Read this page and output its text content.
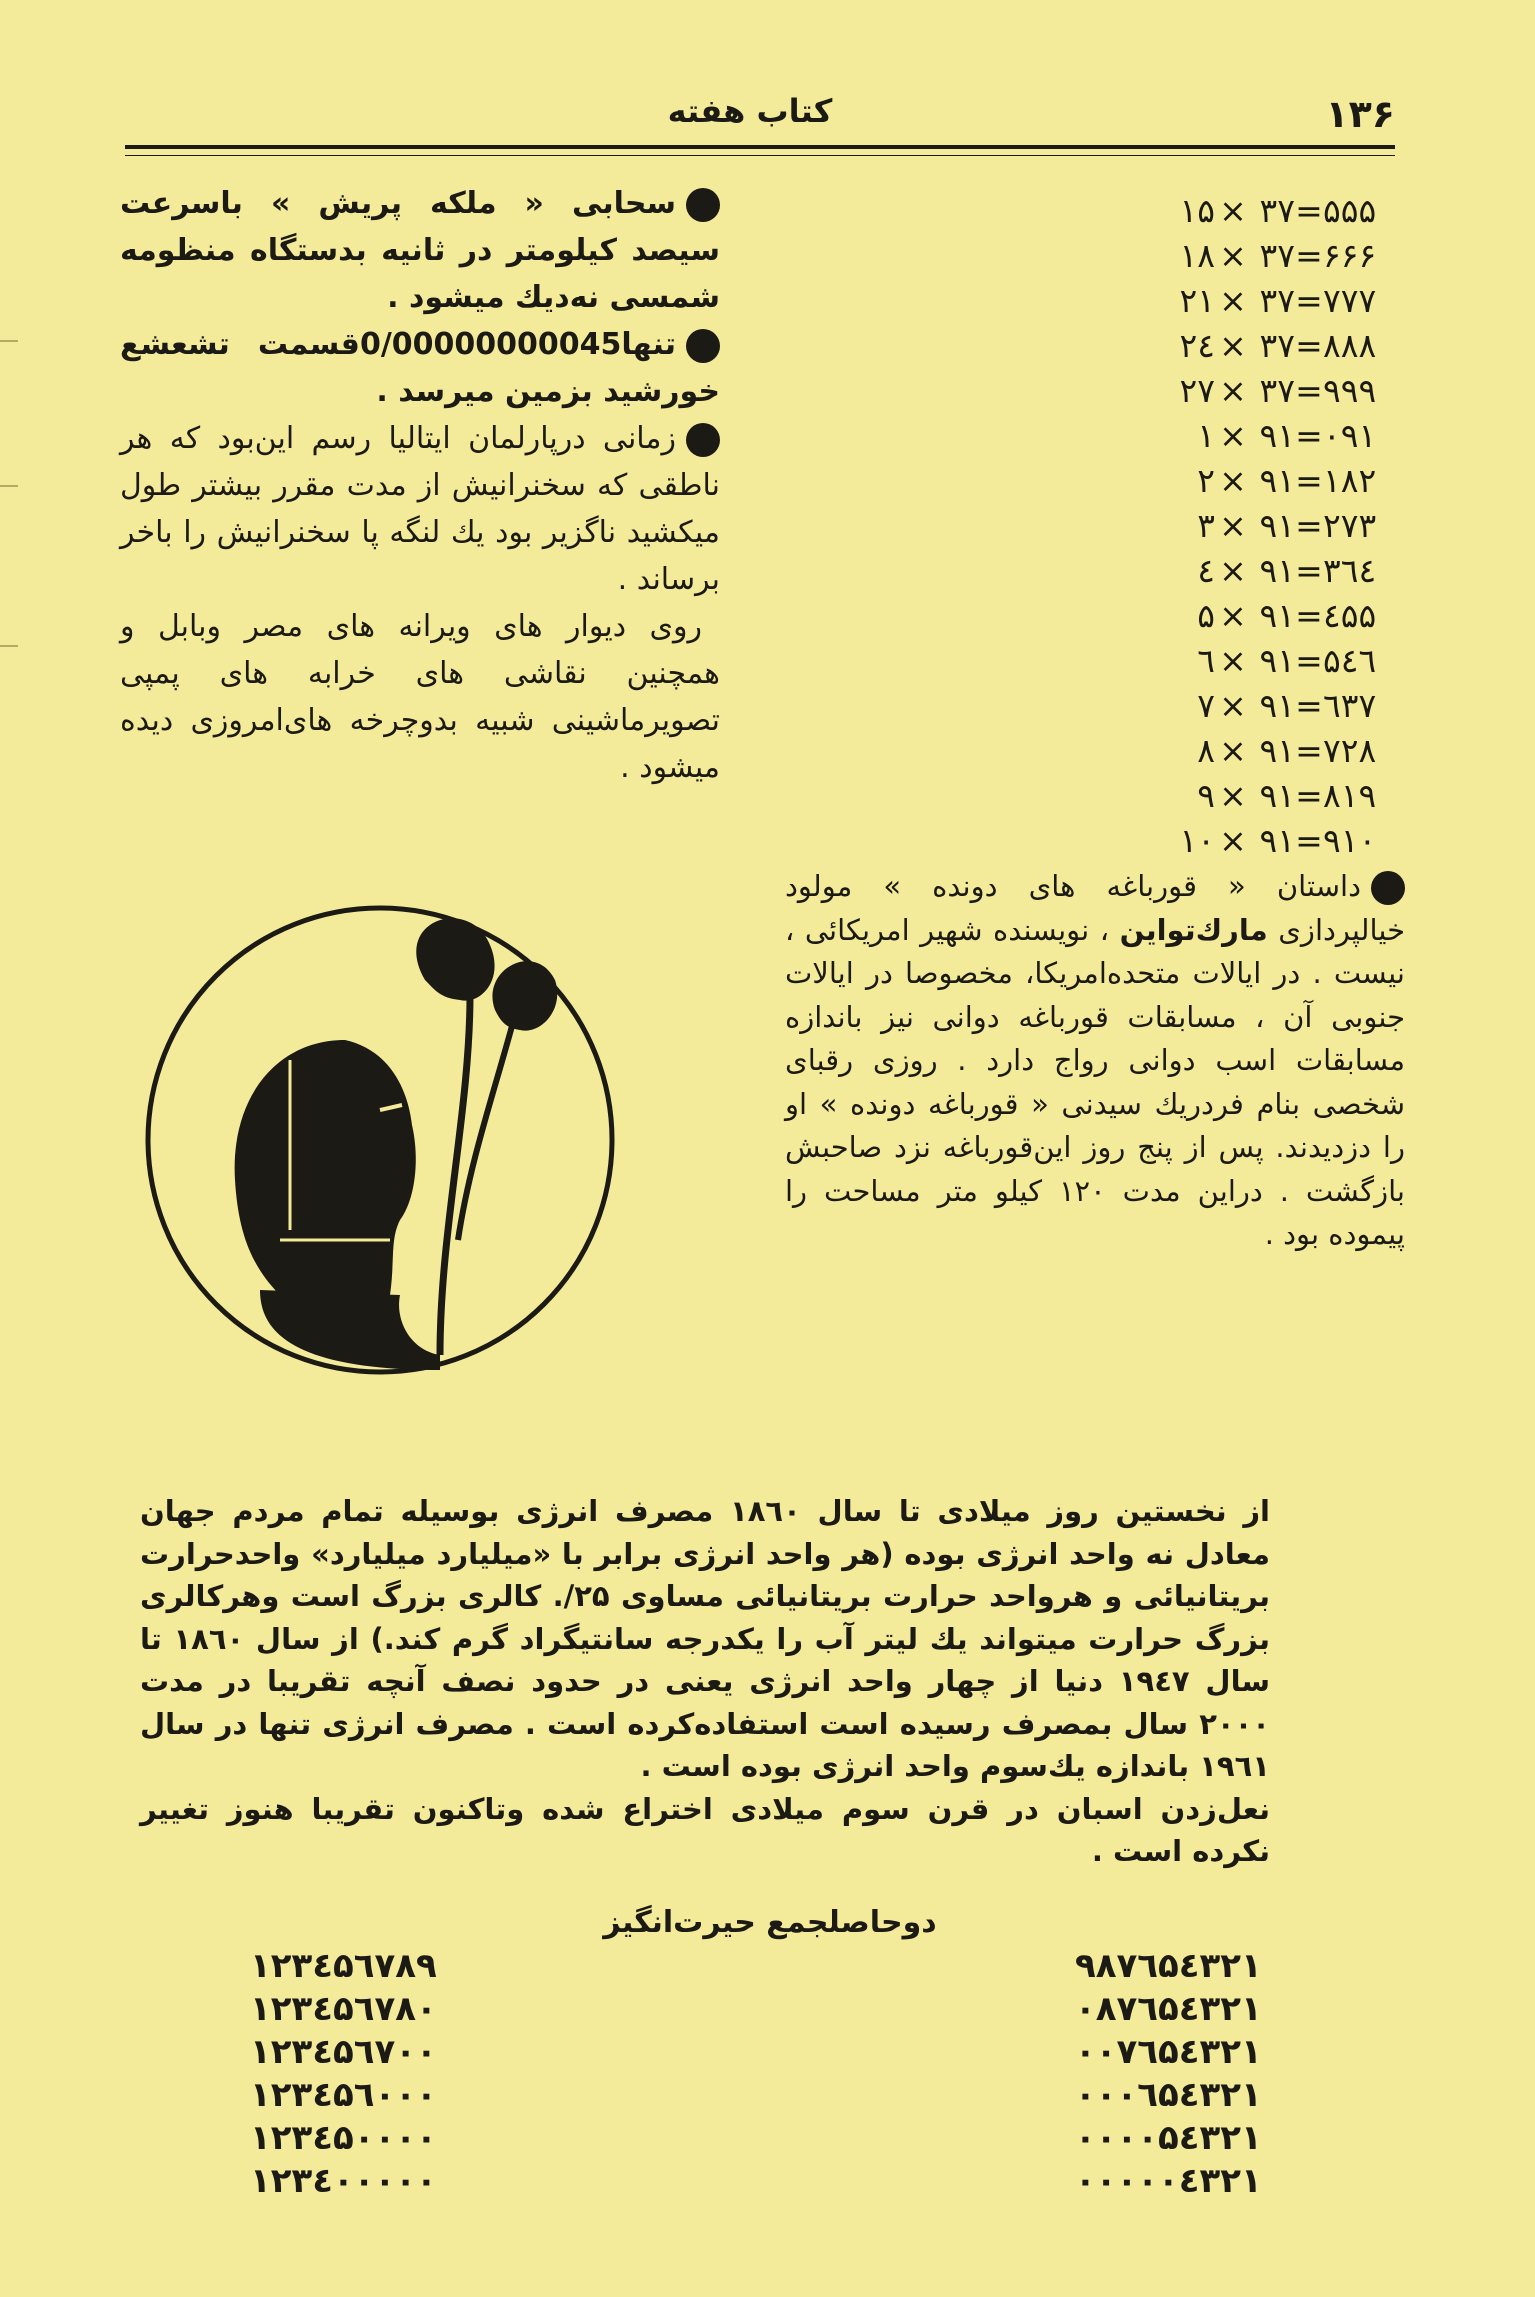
۱۳۶
کتاب هفته

سحابی « ملکه پریش » باسرعت سیصد کیلومتر در ثانیه بدستگاه منظومه شمسی نه‌دیك میشود .

تنها0/00000000045قسمت تشعشع خورشید بزمین میرسد .

زمانی درپارلمان ایتالیا رسم این‌بود که هر ناطقی که سخنرانیش از مدت مقرر بیشتر طول میکشید ناگزیر بود یك لنگه پا سخنرانیش را باخر برساند .

روی دیوار های ویرانه های مصر وبابل و همچنین نقاشی های خرابه های پمپی تصویرماشینی شبیه بدوچرخه های‌امروزی دیده میشود .

۱۵ × ۳۷ = ۵۵۵
۱۸ × ۳۷ = ۶۶۶
۲۱ × ۳۷ = ۷۷۷
۲٤ × ۳۷ = ۸۸۸
۲۷ × ۳۷ = ۹۹۹
۱ × ۹۱ = ۰۹۱
۲ × ۹۱ = ۱۸۲
۳ × ۹۱ = ۲۷۳
٤ × ۹۱ = ۳٦٤
۵ × ۹۱ = ٤۵۵
٦ × ۹۱ = ۵٤٦
۷ × ۹۱ = ٦۳۷
۸ × ۹۱ = ۷۲۸
۹ × ۹۱ = ۸۱۹
۱۰ × ۹۱ = ۹۱۰

داستان « قورباغه های دونده » مولود خیالپردازی مارك‌تواین ، نویسنده شهیر امریکائی ، نیست . در ایالات متحده‌امریکا، مخصوصا در ایالات جنوبی آن ، مسابقات قورباغه دوانی نیز باندازه مسابقات اسب دوانی رواج دارد . روزی رقبای شخصی بنام فردریك سیدنی « قورباغه دونده » او را دزدیدند. پس از پنج روز این‌قورباغه نزد صاحبش بازگشت . دراین مدت ۱۲۰ کیلو متر مساحت را پیموده بود .

از نخستین روز میلادی تا سال ۱۸٦۰ مصرف انرژی بوسیله تمام مردم جهان معادل نه واحد انرژی بوده (هر واحد انرژی برابر با «میلیارد میلیارد» واحدحرارت بریتانیائی و هرواحد حرارت بریتانیائی مساوی ۲۵/. کالری بزرگ است وهرکالری بزرگ حرارت میتواند یك لیتر آب را یکدرجه سانتیگراد گرم کند.) از سال ۱۸٦۰ تا سال ۱۹٤۷ دنیا از چهار واحد انرژی یعنی در حدود نصف آنچه تقریبا در مدت ۲۰۰۰ سال بمصرف رسیده است استفاده‌کرده است . مصرف انرژی تنها در سال ۱۹٦۱ باندازه یك‌سوم واحد انرژی بوده است .

نعل‌زدن اسبان در قرن سوم میلادی اختراع شده وتاکنون تقریبا هنوز تغییر نکرده است .

دوحاصلجمع حیرت‌انگیز
۹۸۷٦۵٤۳۲۱
۰۸۷٦۵٤۳۲۱
۰۰۷٦۵٤۳۲۱
۰۰۰٦۵٤۳۲۱
۰۰۰۰۵٤۳۲۱
۰۰۰۰۰٤۳۲۱
۱۲۳٤۵٦۷۸۹
۱۲۳٤۵٦۷۸۰
۱۲۳٤۵٦۷۰۰
۱۲۳٤۵٦۰۰۰
۱۲۳٤۵۰۰۰۰
۱۲۳٤۰۰۰۰۰
